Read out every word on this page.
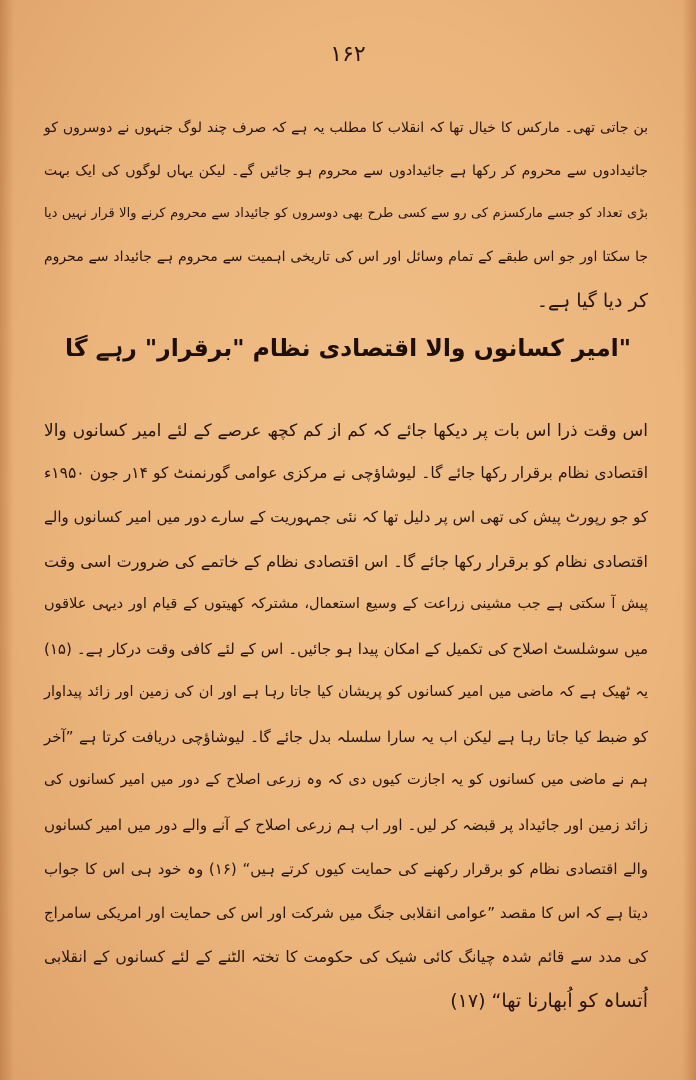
۱۶۲
بن جاتی تھی۔ مارکس کا خیال تھا کہ انقلاب کا مطلب یہ ہے کہ صرف چند لوگ جنہوں نے دوسروں کو
جائیدادوں سے محروم کر رکھا ہے جائیدادوں سے محروم ہو جائیں گے۔ لیکن یہاں لوگوں کی ایک بہت
بڑی تعداد کو جسے مارکسزم کی رو سے کسی طرح بھی دوسروں کو جائیداد سے محروم کرنے والا قرار نہیں دیا
جا سکتا اور جو اس طبقے کے تمام وسائل اور اس کی تاریخی اہمیت سے محروم ہے جائیداد سے محروم
کر دیا گیا ہے۔
"امیر کسانوں والا اقتصادی نظام "برقرار" رہے گا
اس وقت ذرا اس بات پر دیکھا جائے کہ کم از کم کچھ عرصے کے لئے امیر کسانوں والا
اقتصادی نظام برقرار رکھا جائے گا۔ لیوشاؤچی نے مرکزی عوامی گورنمنٹ کو ۱۴ر جون ۱۹۵۰ء
کو جو رپورٹ پیش کی تھی اس پر دلیل تھا کہ نئی جمہوریت کے سارے دور میں امیر کسانوں والے
اقتصادی نظام کو برقرار رکھا جائے گا۔ اس اقتصادی نظام کے خاتمے کی ضرورت اسی وقت
پیش آ سکتی ہے جب مشینی زراعت کے وسیع استعمال، مشترکہ کھیتوں کے قیام اور دیہی علاقوں
میں سوشلسٹ اصلاح کی تکمیل کے امکان پیدا ہو جائیں۔ اس کے لئے کافی وقت درکار ہے۔ (۱۵)
یہ ٹھیک ہے کہ ماضی میں امیر کسانوں کو پریشان کیا جاتا رہا ہے اور ان کی زمین اور زائد پیداوار
کو ضبط کیا جاتا رہا ہے لیکن اب یہ سارا سلسلہ بدل جائے گا۔ لیوشاؤچی دریافت کرتا ہے ”آخر
ہم نے ماضی میں کسانوں کو یہ اجازت کیوں دی کہ وہ زرعی اصلاح کے دور میں امیر کسانوں کی
زائد زمین اور جائیداد پر قبضہ کر لیں۔ اور اب ہم زرعی اصلاح کے آنے والے دور میں امیر کسانوں
والے اقتصادی نظام کو برقرار رکھنے کی حمایت کیوں کرتے ہیں“ (۱۶) وہ خود ہی اس کا جواب
دیتا ہے کہ اس کا مقصد ”عوامی انقلابی جنگ میں شرکت اور اس کی حمایت اور امریکی سامراج
کی مدد سے قائم شدہ چیانگ کائی شیک کی حکومت کا تختہ الٹنے کے لئے کسانوں کے انقلابی
اُتساہ کو اُبھارنا تھا“ (۱۷)
